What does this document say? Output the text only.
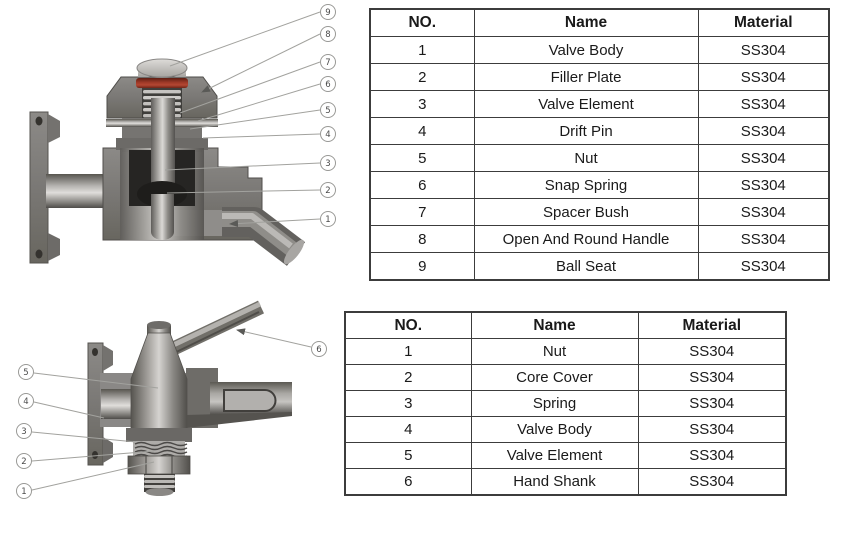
9
8
7
6
5
4
3
2
1
6
5
4
3
2
1
NO.	Name	Material
1	Valve Body	SS304
2	Filler Plate	SS304
3	Valve Element	SS304
4	Drift Pin	SS304
5	Nut	SS304
6	Snap Spring	SS304
7	Spacer Bush	SS304
8	Open And Round Handle	SS304
9	Ball Seat	SS304
NO.	Name	Material
1	Nut	SS304
2	Core Cover	SS304
3	Spring	SS304
4	Valve Body	SS304
5	Valve Element	SS304
6	Hand Shank	SS304
